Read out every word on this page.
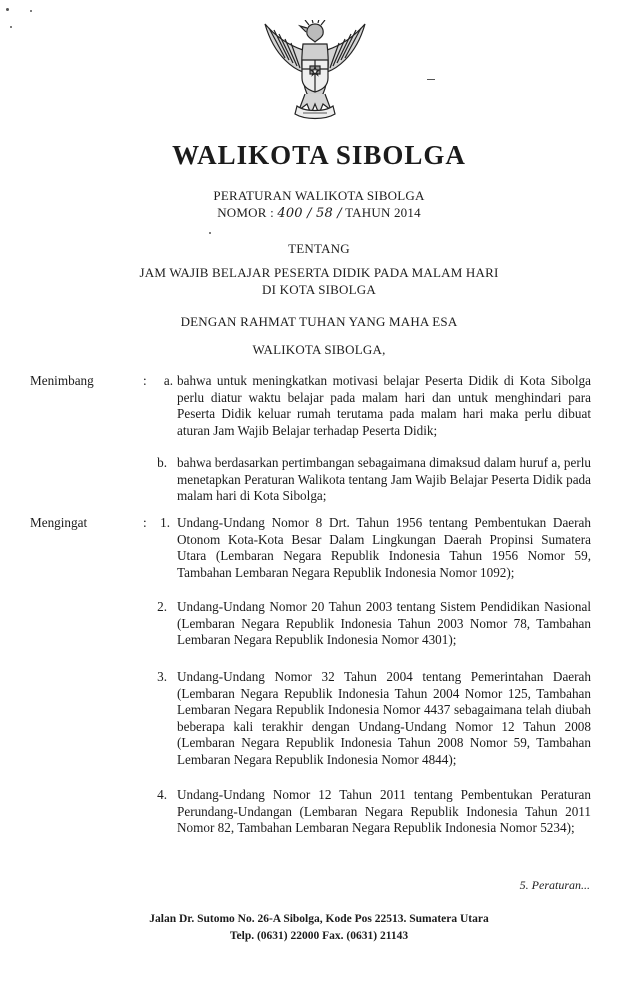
WALIKOTA SIBOLGA
PERATURAN WALIKOTA SIBOLGA
NOMOR : 400 / 58 / TAHUN 2014
TENTANG
JAM WAJIB BELAJAR PESERTA DIDIK PADA MALAM HARI
DI KOTA SIBOLGA
DENGAN RAHMAT TUHAN YANG MAHA ESA
WALIKOTA SIBOLGA,
Menimbang	:	a. bahwa untuk meningkatkan motivasi belajar Peserta Didik di Kota Sibolga perlu diatur waktu belajar pada malam hari dan untuk menghindari para Peserta Didik keluar rumah terutama pada malam hari maka perlu dibuat aturan Jam Wajib Belajar terhadap Peserta Didik;
b. bahwa berdasarkan pertimbangan sebagaimana dimaksud dalam huruf a, perlu menetapkan Peraturan Walikota tentang Jam Wajib Belajar Peserta Didik pada malam hari di Kota Sibolga;
Mengingat	:	1. Undang-Undang Nomor 8 Drt. Tahun 1956 tentang Pembentukan Daerah Otonom Kota-Kota Besar Dalam Lingkungan Daerah Propinsi Sumatera Utara (Lembaran Negara Republik Indonesia Tahun 1956 Nomor 59, Tambahan Lembaran Negara Republik Indonesia Nomor 1092);
2. Undang-Undang Nomor 20 Tahun 2003 tentang Sistem Pendidikan Nasional (Lembaran Negara Republik Indonesia Tahun 2003 Nomor 78, Tambahan Lembaran Negara Republik Indonesia Nomor 4301);
3. Undang-Undang Nomor 32 Tahun 2004 tentang Pemerintahan Daerah (Lembaran Negara Republik Indonesia Tahun 2004 Nomor 125, Tambahan Lembaran Negara Republik Indonesia Nomor 4437 sebagaimana telah diubah beberapa kali terakhir dengan Undang-Undang Nomor 12 Tahun 2008 (Lembaran Negara Republik Indonesia Tahun 2008 Nomor 59, Tambahan Lembaran Negara Republik Indonesia Nomor 4844);
4. Undang-Undang Nomor 12 Tahun 2011 tentang Pembentukan Peraturan Perundang-Undangan (Lembaran Negara Republik Indonesia Tahun 2011 Nomor 82, Tambahan Lembaran Negara Republik Indonesia Nomor 5234);
5. Peraturan...
Jalan Dr. Sutomo No. 26-A Sibolga, Kode Pos 22513. Sumatera Utara
Telp. (0631) 22000 Fax. (0631) 21143
